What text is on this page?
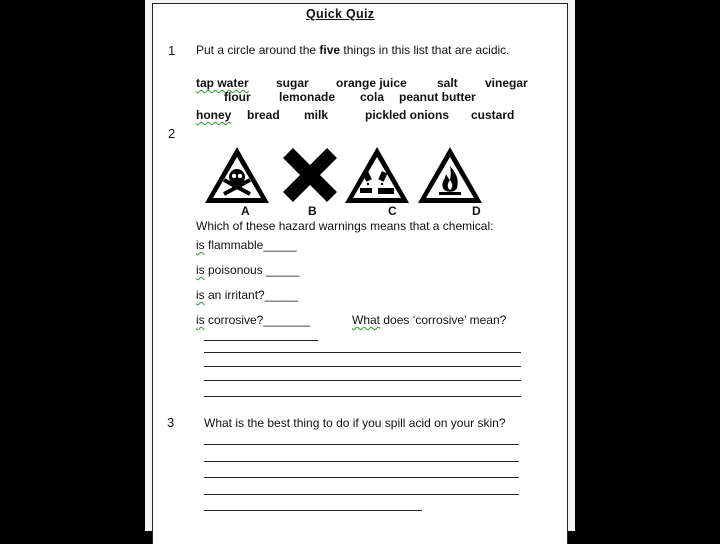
Quick Quiz
1 Put a circle around the five things in this list that are acidic.
tap water sugar orange juice	salt vinegar
flour lemonade cola peanut butter
honey bread milk	pickled onions custard
2
A	B	C	D
Which of these hazard warnings means that a chemical:
is flammable_____
is poisonous _____
is an irritant?_____
is corrosive?_______	What does ‘corrosive’ mean?
3 What is the best thing to do if you spill acid on your skin?
